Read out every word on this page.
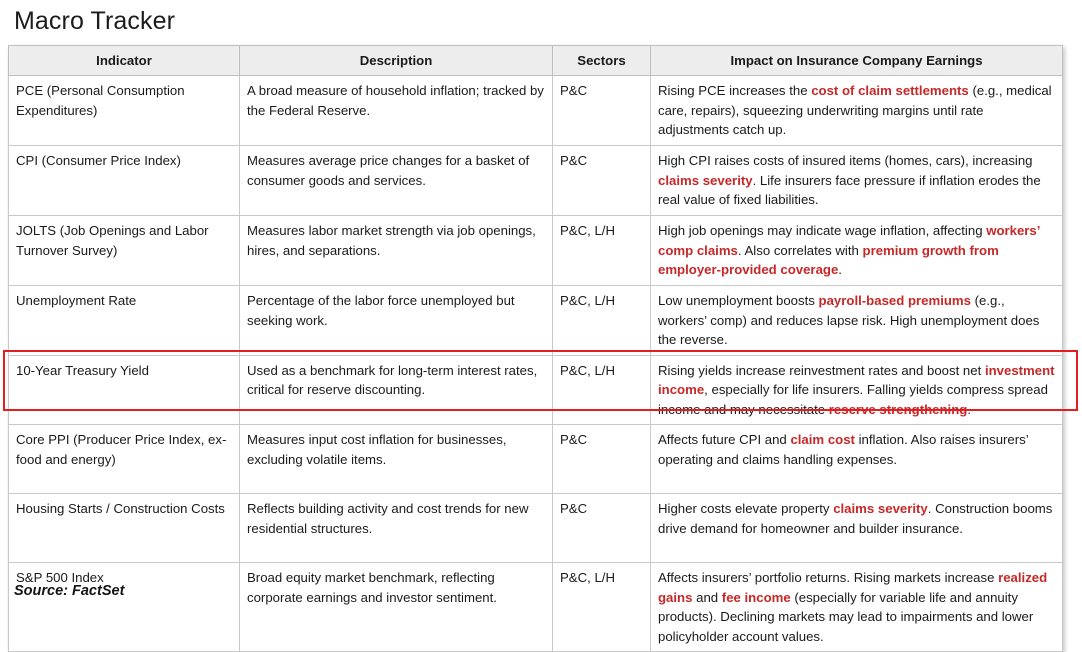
Macro Tracker
Indicator	Description	Sectors	Impact on Insurance Company Earnings
PCE (Personal Consumption Expenditures)	A broad measure of household inflation; tracked by the Federal Reserve.	P&C	Rising PCE increases the cost of claim settlements (e.g., medical care, repairs), squeezing underwriting margins until rate adjustments catch up.
CPI (Consumer Price Index)	Measures average price changes for a basket of consumer goods and services.	P&C	High CPI raises costs of insured items (homes, cars), increasing claims severity. Life insurers face pressure if inflation erodes the real value of fixed liabilities.
JOLTS (Job Openings and Labor Turnover Survey)	Measures labor market strength via job openings, hires, and separations.	P&C, L/H	High job openings may indicate wage inflation, affecting workers’ comp claims. Also correlates with premium growth from employer-provided coverage.
Unemployment Rate	Percentage of the labor force unemployed but seeking work.	P&C, L/H	Low unemployment boosts payroll-based premiums (e.g., workers’ comp) and reduces lapse risk. High unemployment does the reverse.
10-Year Treasury Yield	Used as a benchmark for long-term interest rates, critical for reserve discounting.	P&C, L/H	Rising yields increase reinvestment rates and boost net investment income, especially for life insurers. Falling yields compress spread income and may necessitate reserve strengthening.
Core PPI (Producer Price Index, ex-food and energy)	Measures input cost inflation for businesses, excluding volatile items.	P&C	Affects future CPI and claim cost inflation. Also raises insurers’ operating and claims handling expenses.
Housing Starts / Construction Costs	Reflects building activity and cost trends for new residential structures.	P&C	Higher costs elevate property claims severity. Construction booms drive demand for homeowner and builder insurance.
S&P 500 Index	Broad equity market benchmark, reflecting corporate earnings and investor sentiment.	P&C, L/H	Affects insurers’ portfolio returns. Rising markets increase realized gains and fee income (especially for variable life and annuity products). Declining markets may lead to impairments and lower policyholder account values.
Source: FactSet
